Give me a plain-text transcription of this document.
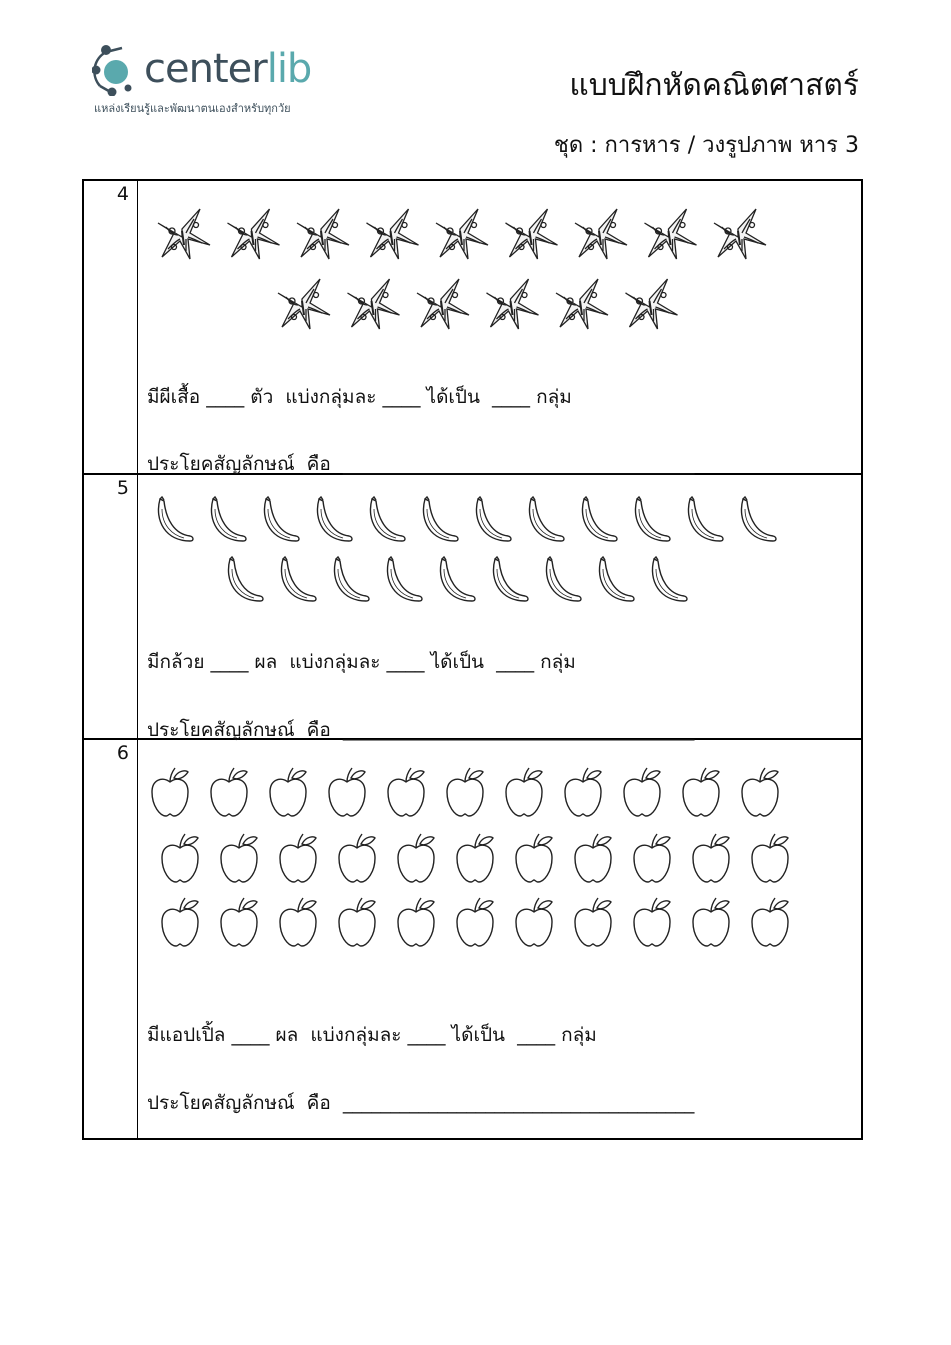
centerlib
แหล่งเรียนรู้และพัฒนาตนเองสำหรับทุกวัย
แบบฝึกหัดคณิตศาสตร์
ชุด : การหาร / วงรูปภาพ หาร 3
4
มีผีเสื้อ ____ ตัว  แบ่งกลุ่มละ ____ ได้เป็น  ____ กลุ่ม
ประโยคสัญลักษณ์  คือ _____________________________________
5
มีกล้วย ____ ผล  แบ่งกลุ่มละ ____ ได้เป็น  ____ กลุ่ม
ประโยคสัญลักษณ์  คือ _____________________________________
6
มีแอปเปิ้ล ____ ผล  แบ่งกลุ่มละ ____ ได้เป็น  ____ กลุ่ม
ประโยคสัญลักษณ์  คือ _____________________________________
